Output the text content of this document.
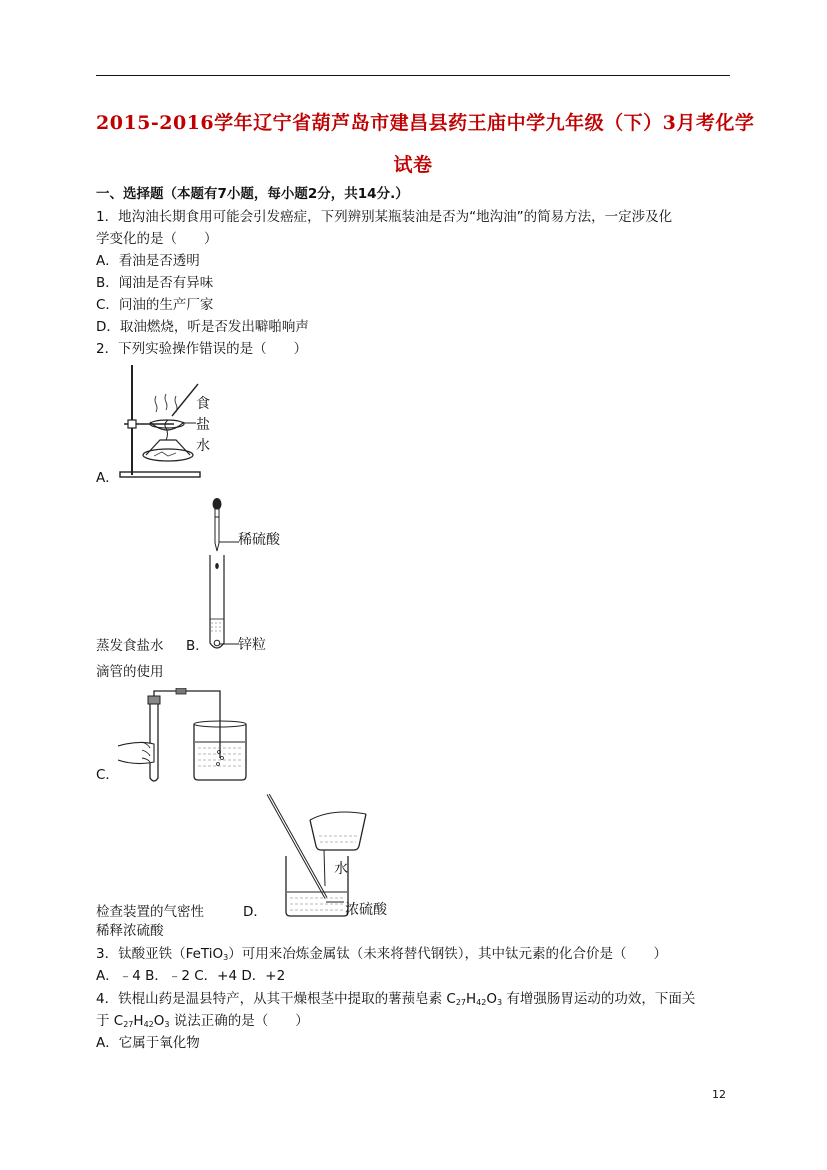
2015-2016学年辽宁省葫芦岛市建昌县药王庙中学九年级（下）3月考化学
试卷
一、选择题（本题有7小题，每小题2分，共14分.）
1．地沟油长期食用可能会引发癌症，下列辨别某瓶装油是否为“地沟油”的简易方法，一定涉及化
学变化的是（　　）
A．看油是否透明
B．闻油是否有异味
C．问油的生产厂家
D．取油燃烧，听是否发出噼啪响声
2．下列实验操作错误的是（　　）
食
盐
水
A．
稀硫酸
锌粒
蒸发食盐水 B．
滴管的使用
C．
水
浓硫酸
检查装置的气密性	D．
稀释浓硫酸
3．钛酸亚铁（FeTiO$_3$）可用来冶炼金属钛（未来将替代钢铁），其中钛元素的化合价是（　　）
A．﹣4 B．﹣2 C．+4 D．+2
4．铁棍山药是温县特产，从其干燥根茎中提取的薯蓣皂素 $C_{27}H_{42}O_3$ 有增强肠胃运动的功效，下面关
于 $C_{27}H_{42}O_3$ 说法正确的是（　　）
A．它属于氧化物
12
